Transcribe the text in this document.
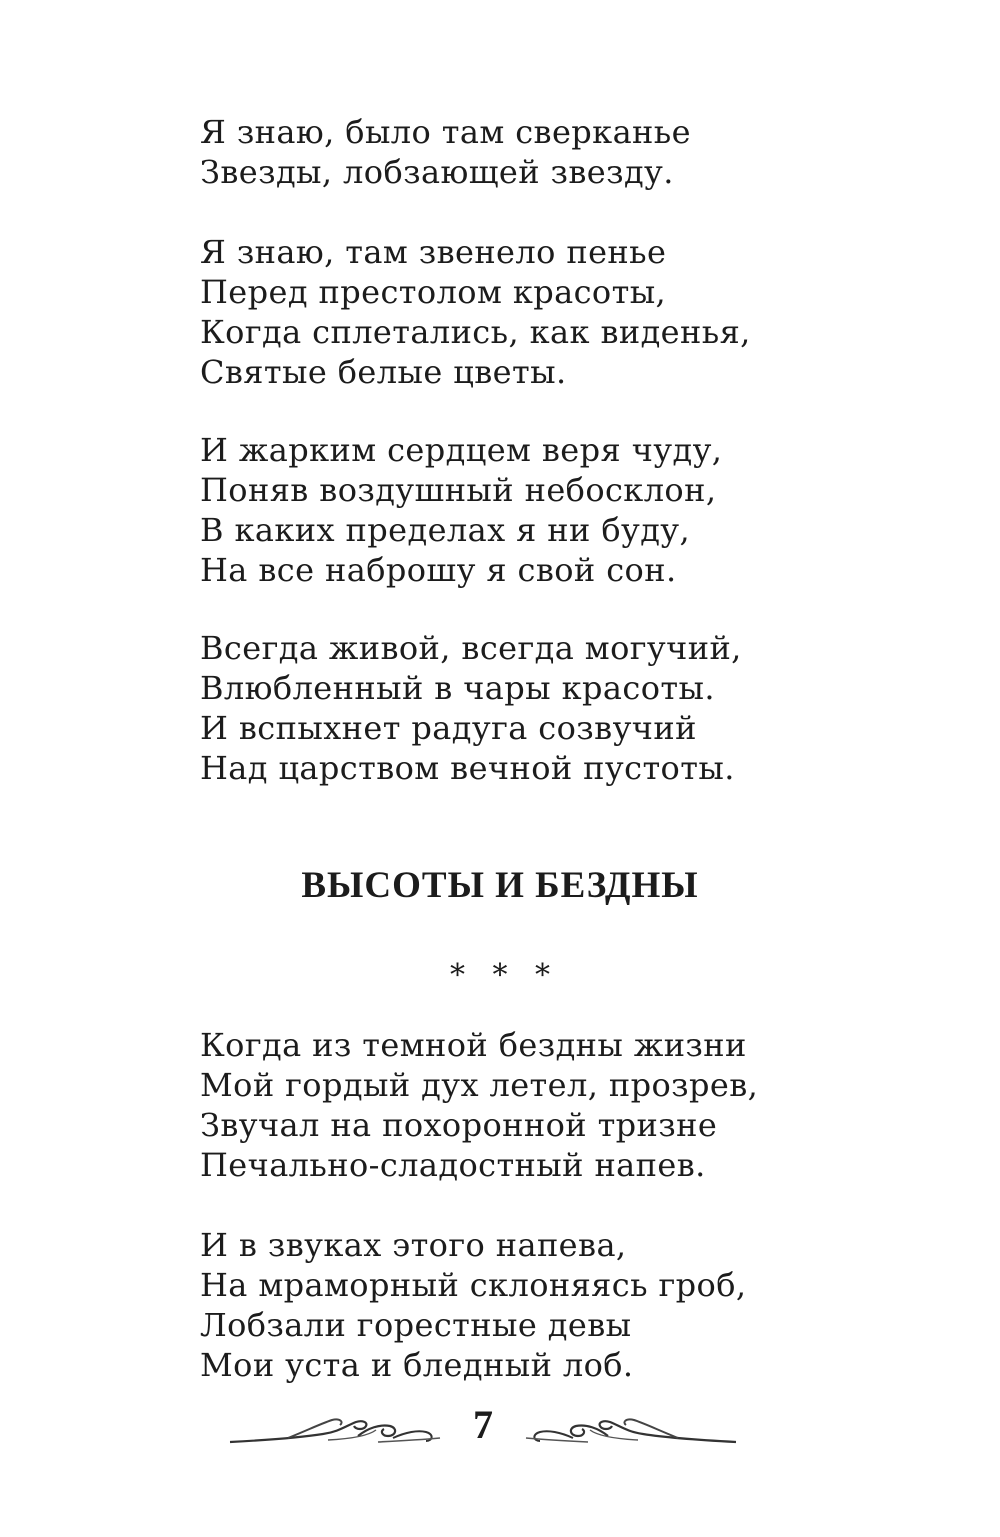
Я знаю, было там сверканье
Звезды, лобзающей звезду.
Я знаю, там звенело пенье
Перед престолом красоты,
Когда сплетались, как виденья,
Святые белые цветы.
И жарким сердцем веря чуду,
Поняв воздушный небосклон,
В каких пределах я ни буду,
На все наброшу я свой сон.
Всегда живой, всегда могучий,
Влюбленный в чары красоты.
И вспыхнет радуга созвучий
Над царством вечной пустоты.
ВЫСОТЫ И БЕЗДНЫ
* * *
Когда из темной бездны жизни
Мой гордый дух летел, прозрев,
Звучал на похоронной тризне
Печально-сладостный напев.
И в звуках этого напева,
На мраморный склоняясь гроб,
Лобзали горестные девы
Мои уста и бледный лоб.
7
